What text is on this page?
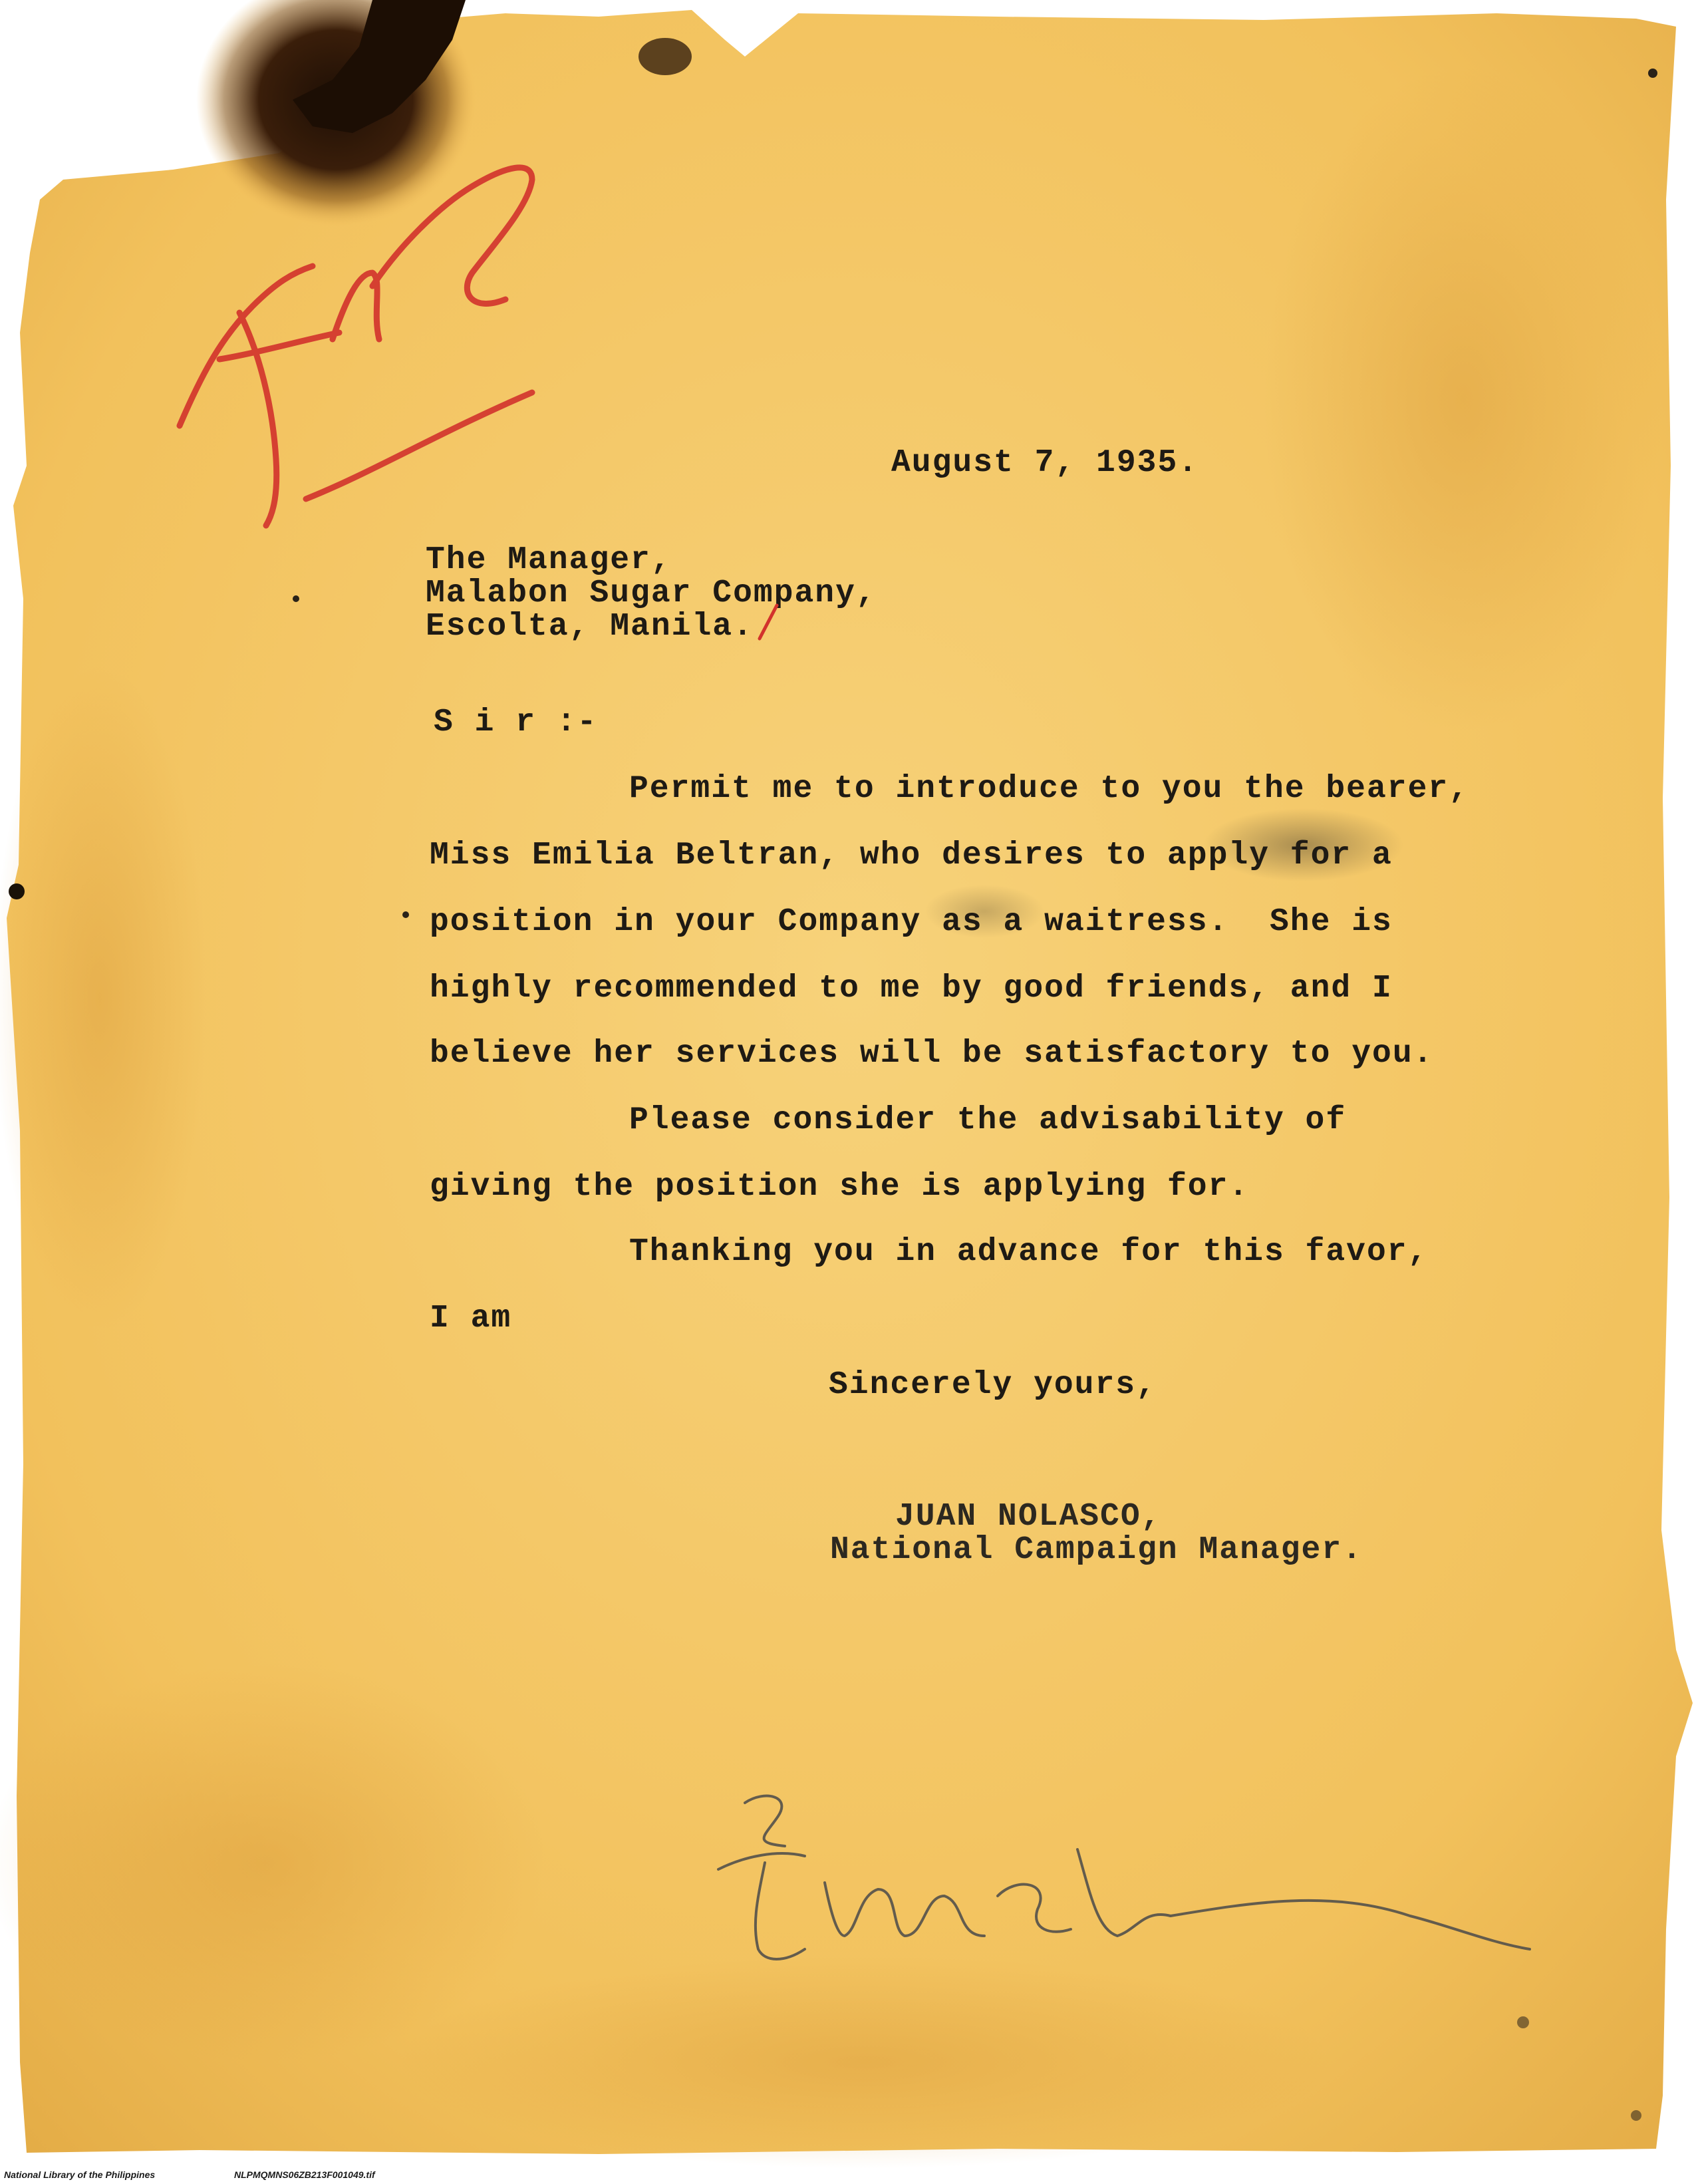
August 7, 1935.

The Manager,

Malabon Sugar Company,

Escolta, Manila.

S i r :-

Permit me to introduce to you the bearer,

Miss Emilia Beltran, who desires to apply for a

position in your Company as a waitress.  She is

highly recommended to me by good friends, and I

believe her services will be satisfactory to you.

Please consider the advisability of

giving the position she is applying for.

Thanking you in advance for this favor,

I am

Sincerely yours,

JUAN NOLASCO,

National Campaign Manager.

National Library of the Philippines	NLPMQMNS06ZB213F001049.tif
